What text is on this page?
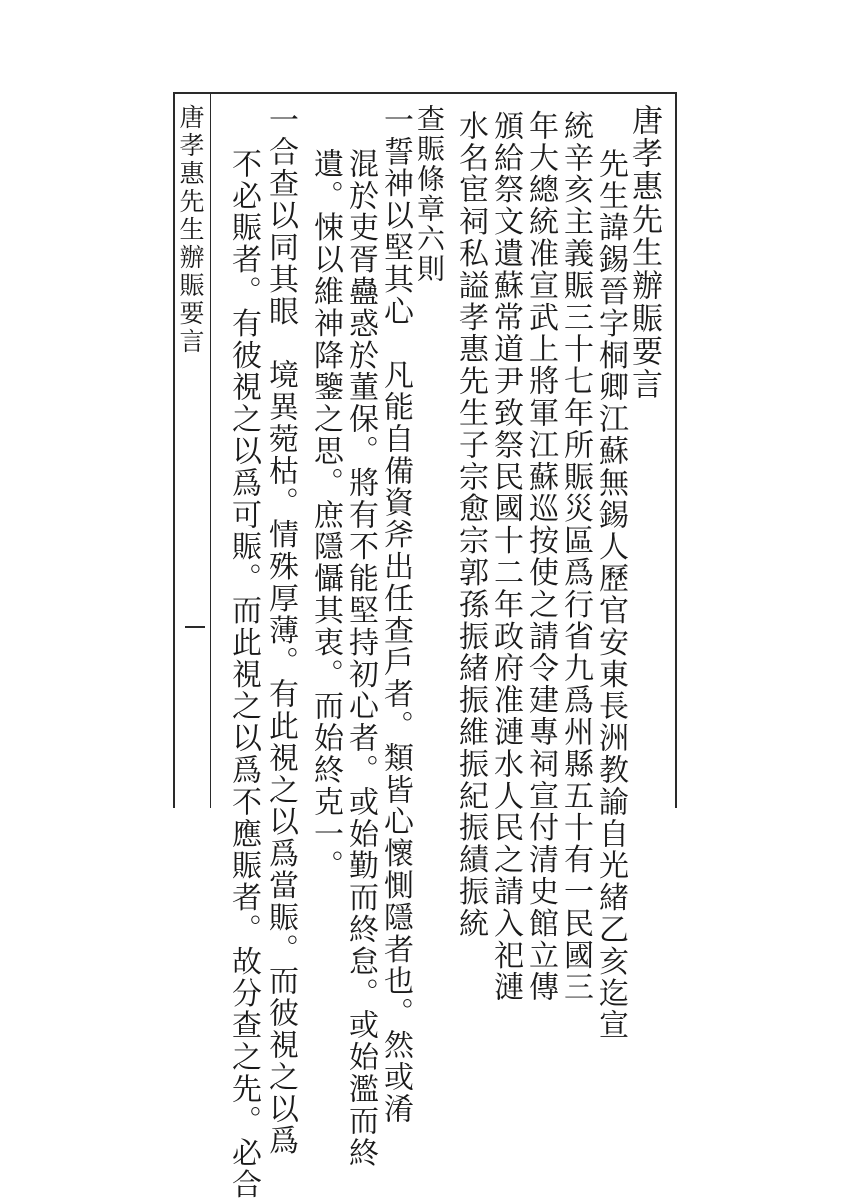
唐孝惠先生辦賑要言	唐孝惠先生辦賑要言
先生諱錫晉字桐卿江蘇無錫人歷官安東長洲教諭自光緒乙亥迄宣
統辛亥主義賑三十七年所賑災區爲行省九爲州縣五十有一民國三
年大總統准宣武上將軍江蘇巡按使之請令建專祠宣付清史館立傳
頒給祭文遺蘇常道尹致祭民國十二年政府准漣水人民之請入祀漣
水名宦祠私謚孝惠先生子宗愈宗郭孫振緒振維振紀振績振統
查賑條章六則
一誓神以堅其心　凡能自備資斧出任查戶者。類皆心懷惻隱者也。然或淆
混於吏胥蠱惑於董保。將有不能堅持初心者。或始勤而終怠。或始濫而終
遺。悚以維神降鑒之思。庶隱懾其衷。而始終克一。
一合查以同其眼　境異菀枯。情殊厚薄。有此視之以爲當賑。而彼視之以爲
不必賑者。有彼視之以爲可賑。而此視之以爲不應賑者。故分查之先。必合
